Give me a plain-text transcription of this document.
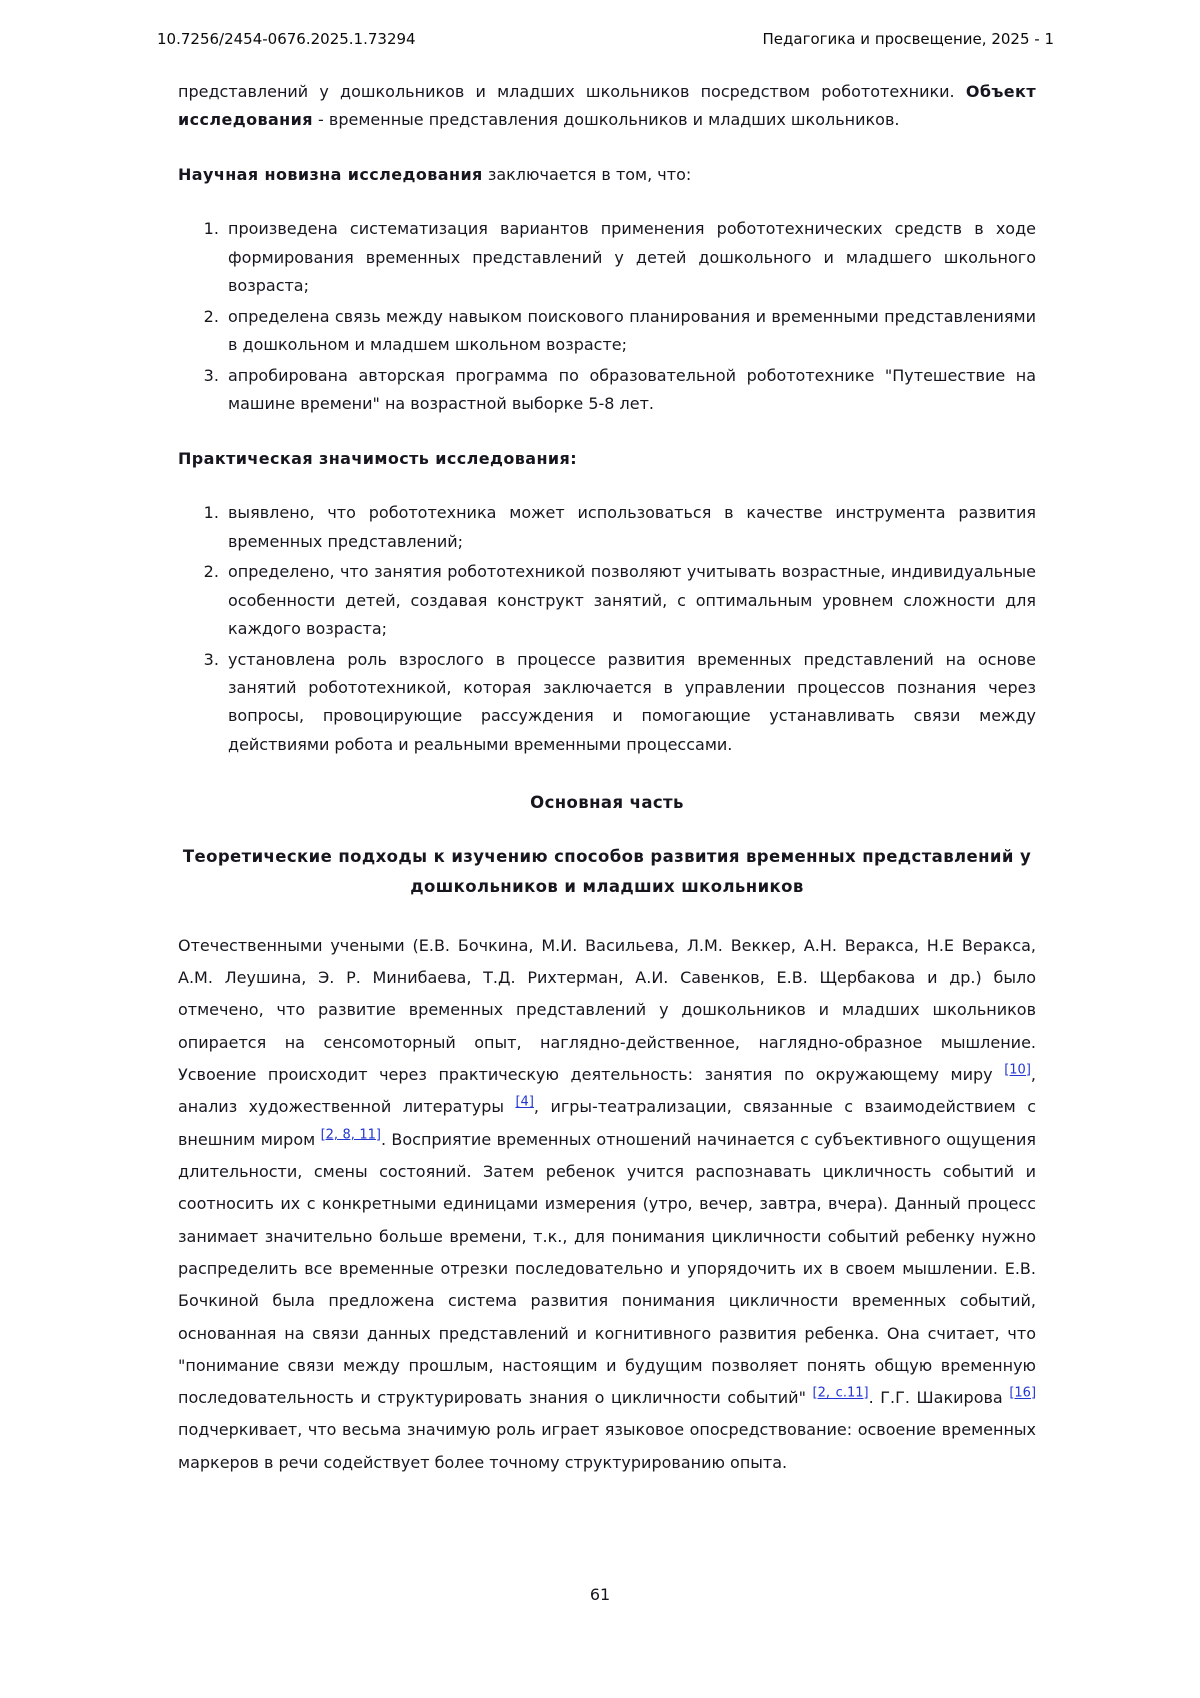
10.7256/2454-0676.2025.1.73294	Педагогика и просвещение, 2025 - 1

представлений у дошкольников и младших школьников посредством робототехники. Объект исследования - временные представления дошкольников и младших школьников.

Научная новизна исследования заключается в том, что:

1. произведена систематизация вариантов применения робототехнических средств в ходе формирования временных представлений у детей дошкольного и младшего школьного возраста;
2. определена связь между навыком поискового планирования и временными представлениями в дошкольном и младшем школьном возрасте;
3. апробирована авторская программа по образовательной робототехнике "Путешествие на машине времени" на возрастной выборке 5-8 лет.

Практическая значимость исследования:

1. выявлено, что робототехника может использоваться в качестве инструмента развития временных представлений;
2. определено, что занятия робототехникой позволяют учитывать возрастные, индивидуальные особенности детей, создавая конструкт занятий, с оптимальным уровнем сложности для каждого возраста;
3. установлена роль взрослого в процессе развития временных представлений на основе занятий робототехникой, которая заключается в управлении процессов познания через вопросы, провоцирующие рассуждения и помогающие устанавливать связи между действиями робота и реальными временными процессами.
Основная часть
Теоретические подходы к изучению способов развития временных представлений у дошкольников и младших школьников

Отечественными учеными (Е.В. Бочкина, М.И. Васильева, Л.М. Веккер, А.Н. Веракса, Н.Е Веракса, А.М. Леушина, Э. Р. Минибаева, Т.Д. Рихтерман, А.И. Савенков, Е.В. Щербакова и др.) было отмечено, что развитие временных представлений у дошкольников и младших школьников опирается на сенсомоторный опыт, наглядно-действенное, наглядно-образное мышление. Усвоение происходит через практическую деятельность: занятия по окружающему миру [10], анализ художественной литературы [4], игры-театрализации, связанные с взаимодействием с внешним миром [2, 8, 11]. Восприятие временных отношений начинается с субъективного ощущения длительности, смены состояний. Затем ребенок учится распознавать цикличность событий и соотносить их с конкретными единицами измерения (утро, вечер, завтра, вчера). Данный процесс занимает значительно больше времени, т.к., для понимания цикличности событий ребенку нужно распределить все временные отрезки последовательно и упорядочить их в своем мышлении. Е.В. Бочкиной была предложена система развития понимания цикличности временных событий, основанная на связи данных представлений и когнитивного развития ребенка. Она считает, что "понимание связи между прошлым, настоящим и будущим позволяет понять общую временную последовательность и структурировать знания о цикличности событий" [2, с.11]. Г.Г. Шакирова [16] подчеркивает, что весьма значимую роль играет языковое опосредствование: освоение временных маркеров в речи содействует более точному структурированию опыта.

61
